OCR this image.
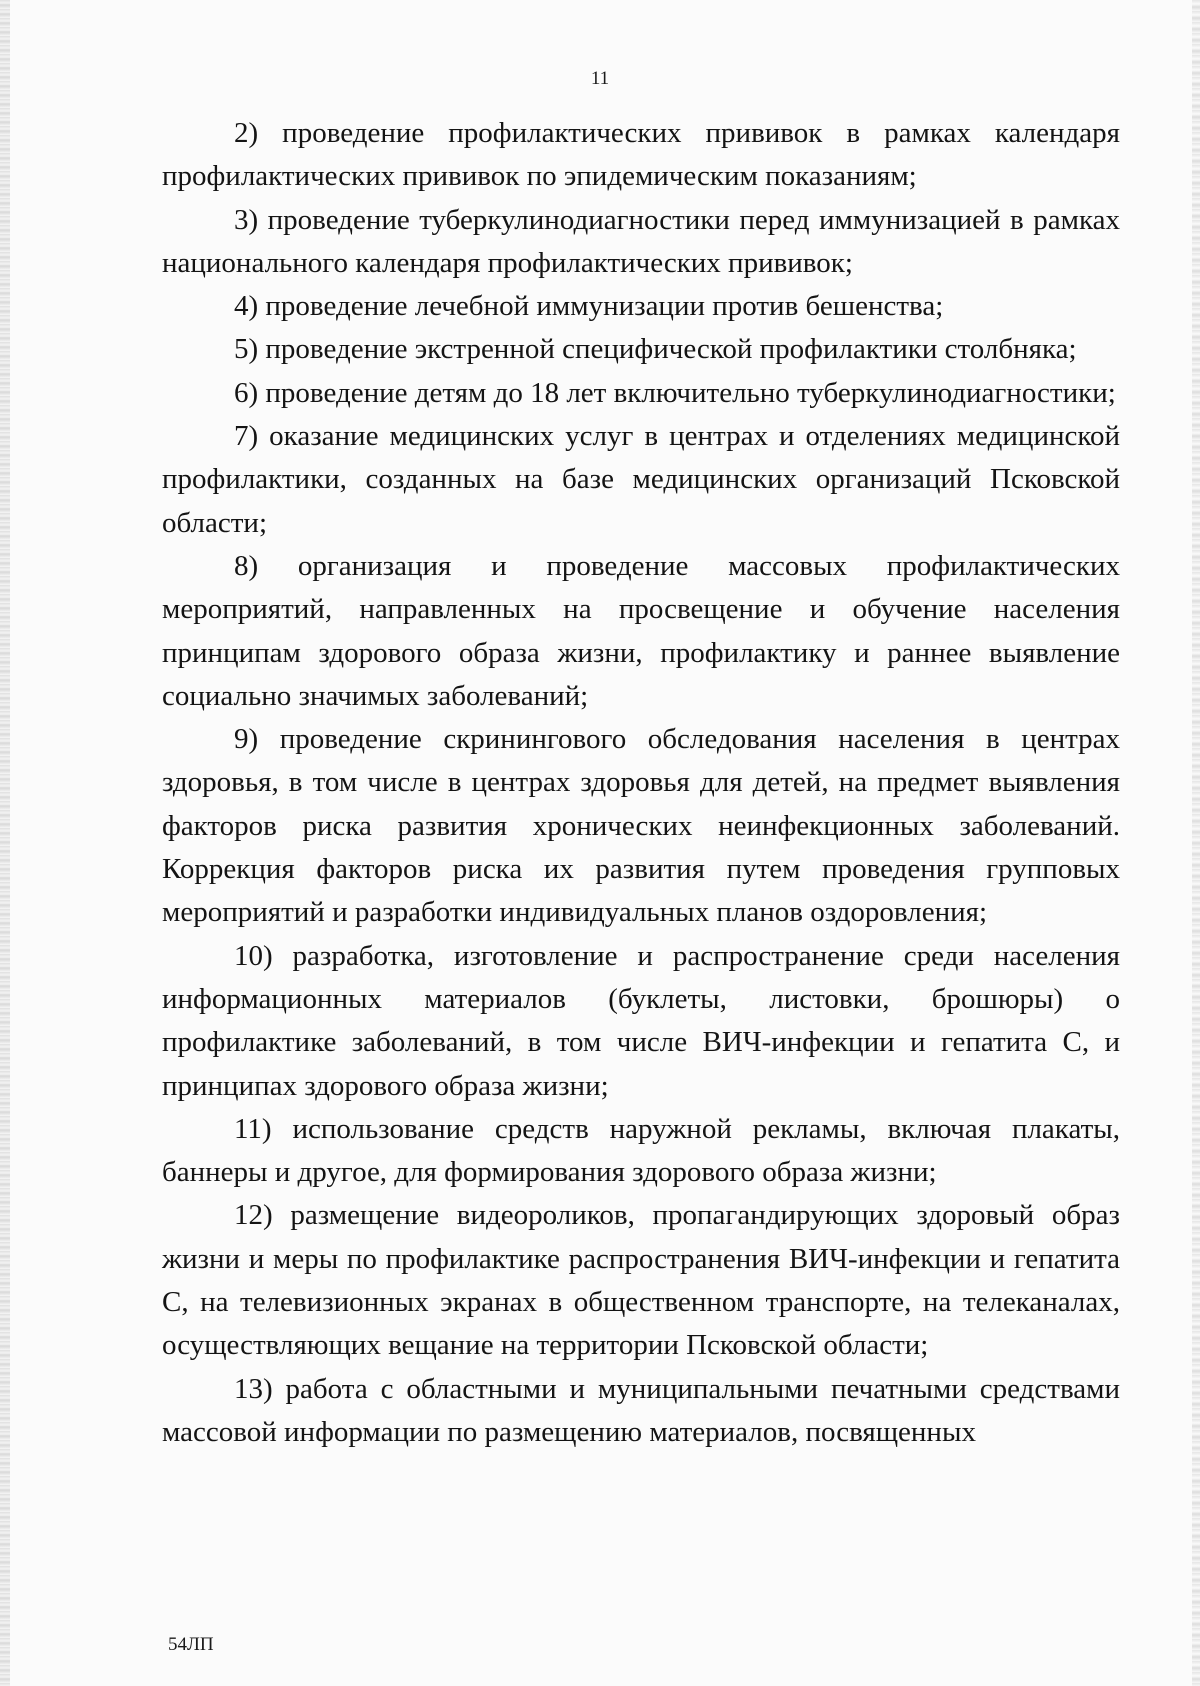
11

2) проведение профилактических прививок в рамках календаря профилактических прививок по эпидемическим показаниям;

3) проведение туберкулинодиагностики перед иммунизацией в рамках национального календаря профилактических прививок;

4) проведение лечебной иммунизации против бешенства;

5) проведение экстренной специфической профилактики столбняка;

6) проведение детям до 18 лет включительно туберкулинодиагностики;

7) оказание медицинских услуг в центрах и отделениях медицинской профилактики, созданных на базе медицинских организаций Псковской области;

8) организация и проведение массовых профилактических мероприятий, направленных на просвещение и обучение населения принципам здорового образа жизни, профилактику и раннее выявление социально значимых заболеваний;

9) проведение скринингового обследования населения в центрах здоровья, в том числе в центрах здоровья для детей, на предмет выявления факторов риска развития хронических неинфекционных заболеваний. Коррекция факторов риска их развития путем проведения групповых мероприятий и разработки индивидуальных планов оздоровления;

10) разработка, изготовление и распространение среди населения информационных материалов (буклеты, листовки, брошюры) о профилактике заболеваний, в том числе ВИЧ-инфекции и гепатита С, и принципах здорового образа жизни;

11) использование средств наружной рекламы, включая плакаты, баннеры и другое, для формирования здорового образа жизни;

12) размещение видеороликов, пропагандирующих здоровый образ жизни и меры по профилактике распространения ВИЧ-инфекции и гепатита С, на телевизионных экранах в общественном транспорте, на телеканалах, осуществляющих вещание на территории Псковской области;

13) работа с областными и муниципальными печатными средствами массовой информации по размещению материалов, посвященных

54ЛП
